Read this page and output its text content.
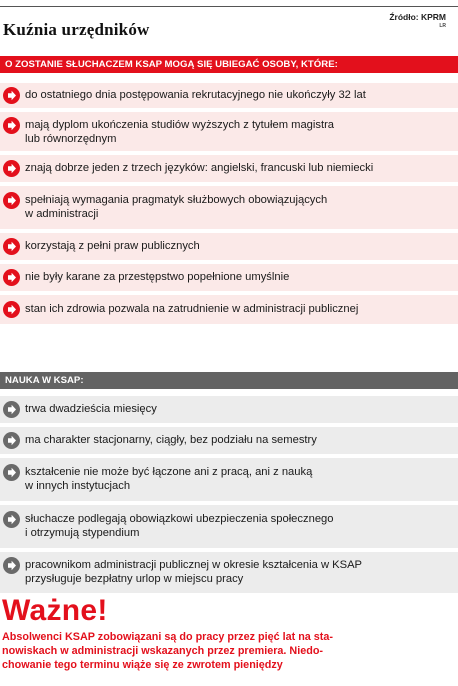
Kuźnia urzędników
Źródło: KPRM
LR
O ZOSTANIE SŁUCHACZEM KSAP MOGĄ SIĘ UBIEGAĆ OSOBY, KTÓRE:
do ostatniego dnia postępowania rekrutacyjnego nie ukończyły 32 lat
mają dyplom ukończenia studiów wyższych z tytułem magistra
lub równorzędnym
znają dobrze jeden z trzech języków: angielski, francuski lub niemiecki
spełniają wymagania pragmatyk służbowych obowiązujących
w administracji
korzystają z pełni praw publicznych
nie były karane za przestępstwo popełnione umyślnie
stan ich zdrowia pozwala na zatrudnienie w administracji publicznej
NAUKA W KSAP:
trwa dwadzieścia miesięcy
ma charakter stacjonarny, ciągły, bez podziału na semestry
kształcenie nie może być łączone ani z pracą, ani z nauką
w innych instytucjach
słuchacze podlegają obowiązkowi ubezpieczenia społecznego
i otrzymują stypendium
pracownikom administracji publicznej w okresie kształcenia w KSAP
przysługuje bezpłatny urlop w miejscu pracy
Ważne!
Absolwenci KSAP zobowiązani są do pracy przez pięć lat na sta-
nowiskach w administracji wskazanych przez premiera. Niedo-
chowanie tego terminu wiąże się ze zwrotem pieniędzy
